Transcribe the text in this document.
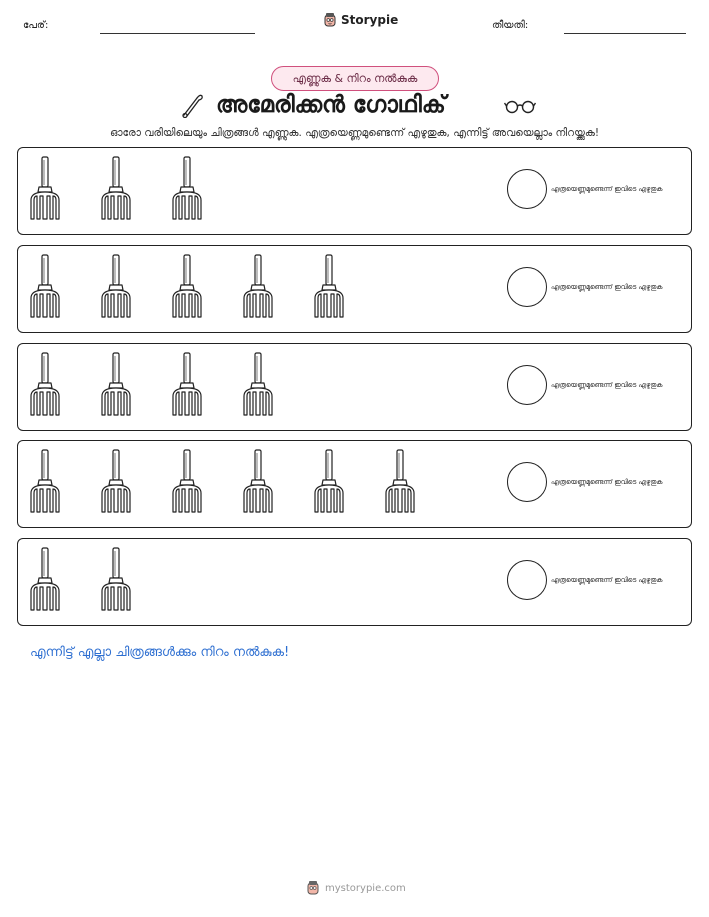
പേര്:	Storypie	തീയതി:
എണ്ണുക & നിറം നൽകുക
അമേരിക്കൻ ഗോഥിക്
ഓരോ വരിയിലെയും ചിത്രങ്ങൾ എണ്ണുക. എത്രയെണ്ണമുണ്ടെന്ന് എഴുതുക, എന്നിട്ട് അവയെല്ലാം നിറയ്ക്കുക!
എത്രയെണ്ണമുണ്ടെന്ന് ഇവിടെ എഴുതുക
എത്രയെണ്ണമുണ്ടെന്ന് ഇവിടെ എഴുതുക
എത്രയെണ്ണമുണ്ടെന്ന് ഇവിടെ എഴുതുക
എത്രയെണ്ണമുണ്ടെന്ന് ഇവിടെ എഴുതുക
എത്രയെണ്ണമുണ്ടെന്ന് ഇവിടെ എഴുതുക
എന്നിട്ട് എല്ലാ ചിത്രങ്ങൾക്കും നിറം നൽകുക!
mystorypie.com
